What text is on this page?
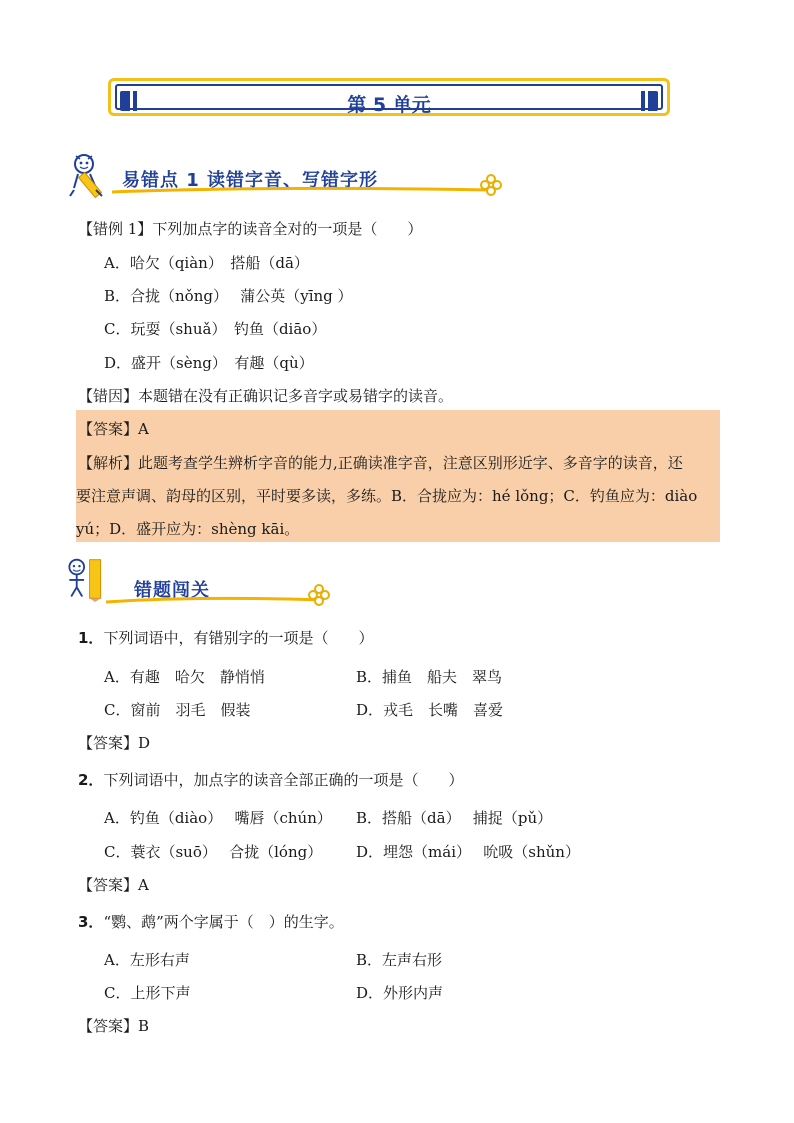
第 5 单元
易错点 1 读错字音、写错字形
【错例 1】下列加点字的读音全对的一项是（　　）
A．哈欠（qiàn）　搭船（dā）
B．合拢（nǒng）　 蒲公英（yīng ）
C．玩耍（shuǎ）　钓鱼（diāo）
D．盛开（sèng）　有趣（qù）
【错因】本题错在没有正确识记多音字或易错字的读音。
【答案】A
【解析】此题考查学生辨析字音的能力,正确读准字音，注意区别形近字、多音字的读音，还
要注意声调、韵母的区别，平时要多读，多练。B．合拢应为：hé lǒng；C．钓鱼应为：diào
yú；D．盛开应为：shèng kāi。
错题闯关
1．下列词语中，有错别字的一项是（　　）
A．有趣　哈欠　静悄悄	B．捕鱼　船夫　翠鸟
C．窗前　羽毛　假装	D．戎毛　长嘴　喜爱
【答案】D
2．下列词语中，加点字的读音全部正确的一项是（　　）
A．钓鱼（diào）　 嘴唇（chún） B．搭船（dā）　 捕捉（pǔ）
C．蓑衣（suō）　 合拢（lóng） D．埋怨（mái）　 吮吸（shǔn）
【答案】A
3．“鹦、鹉”两个字属于（　）的生字。
A．左形右声	B．左声右形
C．上形下声	D．外形内声
【答案】B
